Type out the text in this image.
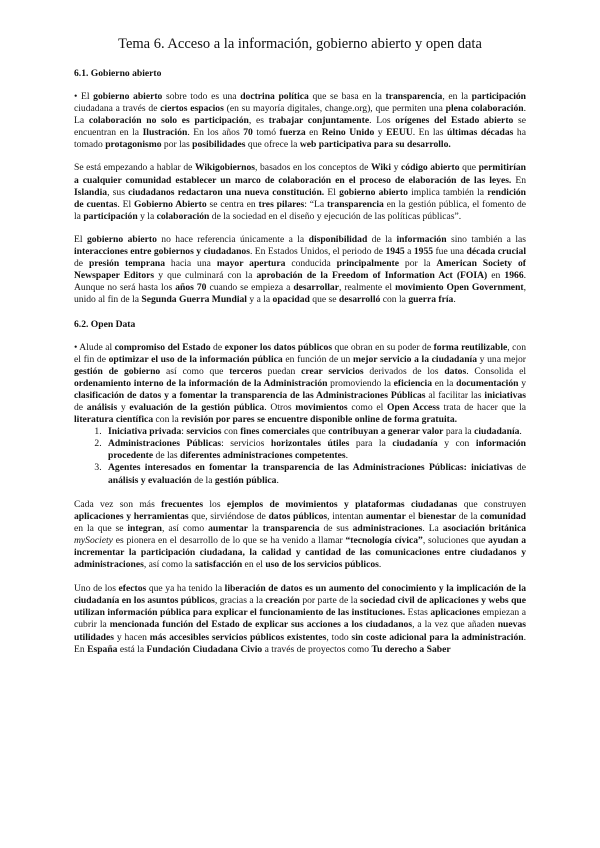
Tema 6. Acceso a la información, gobierno abierto y open data
6.1. Gobierno abierto

• El gobierno abierto sobre todo es una doctrina política que se basa en la transparencia, en la participación ciudadana a través de ciertos espacios (en su mayoría digitales, change.org), que permiten una plena colaboración. La colaboración no solo es participación, es trabajar conjuntamente. Los orígenes del Estado abierto se encuentran en la Ilustración. En los años 70 tomó fuerza en Reino Unido y EEUU. En las últimas décadas ha tomado protagonismo por las posibilidades que ofrece la web participativa para su desarrollo.

Se está empezando a hablar de Wikigobiernos, basados en los conceptos de Wiki y código abierto que permitirían a cualquier comunidad establecer un marco de colaboración en el proceso de elaboración de las leyes. En Islandia, sus ciudadanos redactaron una nueva constitución. El gobierno abierto implica también la rendición de cuentas. El Gobierno Abierto se centra en tres pilares: “La transparencia en la gestión pública, el fomento de la participación y la colaboración de la sociedad en el diseño y ejecución de las políticas públicas”.

El gobierno abierto no hace referencia únicamente a la disponibilidad de la información sino también a las interacciones entre gobiernos y ciudadanos. En Estados Unidos, el periodo de 1945 a 1955 fue una década crucial de presión temprana hacia una mayor apertura conducida principalmente por la American Society of Newspaper Editors y que culminará con la aprobación de la Freedom of Information Act (FOIA) en 1966. Aunque no será hasta los años 70 cuando se empieza a desarrollar, realmente el movimiento Open Government, unido al fin de la Segunda Guerra Mundial y a la opacidad que se desarrolló con la guerra fría.

6.2. Open Data

• Alude al compromiso del Estado de exponer los datos públicos que obran en su poder de forma reutilizable, con el fin de optimizar el uso de la información pública en función de un mejor servicio a la ciudadanía y una mejor gestión de gobierno así como que terceros puedan crear servicios derivados de los datos. Consolida el ordenamiento interno de la información de la Administración promoviendo la eficiencia en la documentación y clasificación de datos y a fomentar la transparencia de las Administraciones Públicas al facilitar las iniciativas de análisis y evaluación de la gestión pública. Otros movimientos como el Open Access trata de hacer que la literatura científica con la revisión por pares se encuentre disponible online de forma gratuita.

1. Iniciativa privada: servicios con fines comerciales que contribuyan a generar valor para la ciudadanía.
2. Administraciones Públicas: servicios horizontales útiles para la ciudadanía y con información procedente de las diferentes administraciones competentes.
3. Agentes interesados en fomentar la transparencia de las Administraciones Públicas: iniciativas de análisis y evaluación de la gestión pública.

Cada vez son más frecuentes los ejemplos de movimientos y plataformas ciudadanas que construyen aplicaciones y herramientas que, sirviéndose de datos públicos, intentan aumentar el bienestar de la comunidad en la que se integran, así como aumentar la transparencia de sus administraciones. La asociación británica mySociety es pionera en el desarrollo de lo que se ha venido a llamar “tecnología cívica”, soluciones que ayudan a incrementar la participación ciudadana, la calidad y cantidad de las comunicaciones entre ciudadanos y administraciones, así como la satisfacción en el uso de los servicios públicos.

Uno de los efectos que ya ha tenido la liberación de datos es un aumento del conocimiento y la implicación de la ciudadanía en los asuntos públicos, gracias a la creación por parte de la sociedad civil de aplicaciones y webs que utilizan información pública para explicar el funcionamiento de las instituciones. Estas aplicaciones empiezan a cubrir la mencionada función del Estado de explicar sus acciones a los ciudadanos, a la vez que añaden nuevas utilidades y hacen más accesibles servicios públicos existentes, todo sin coste adicional para la administración. En España está la Fundación Ciudadana Civio a través de proyectos como Tu derecho a Saber
